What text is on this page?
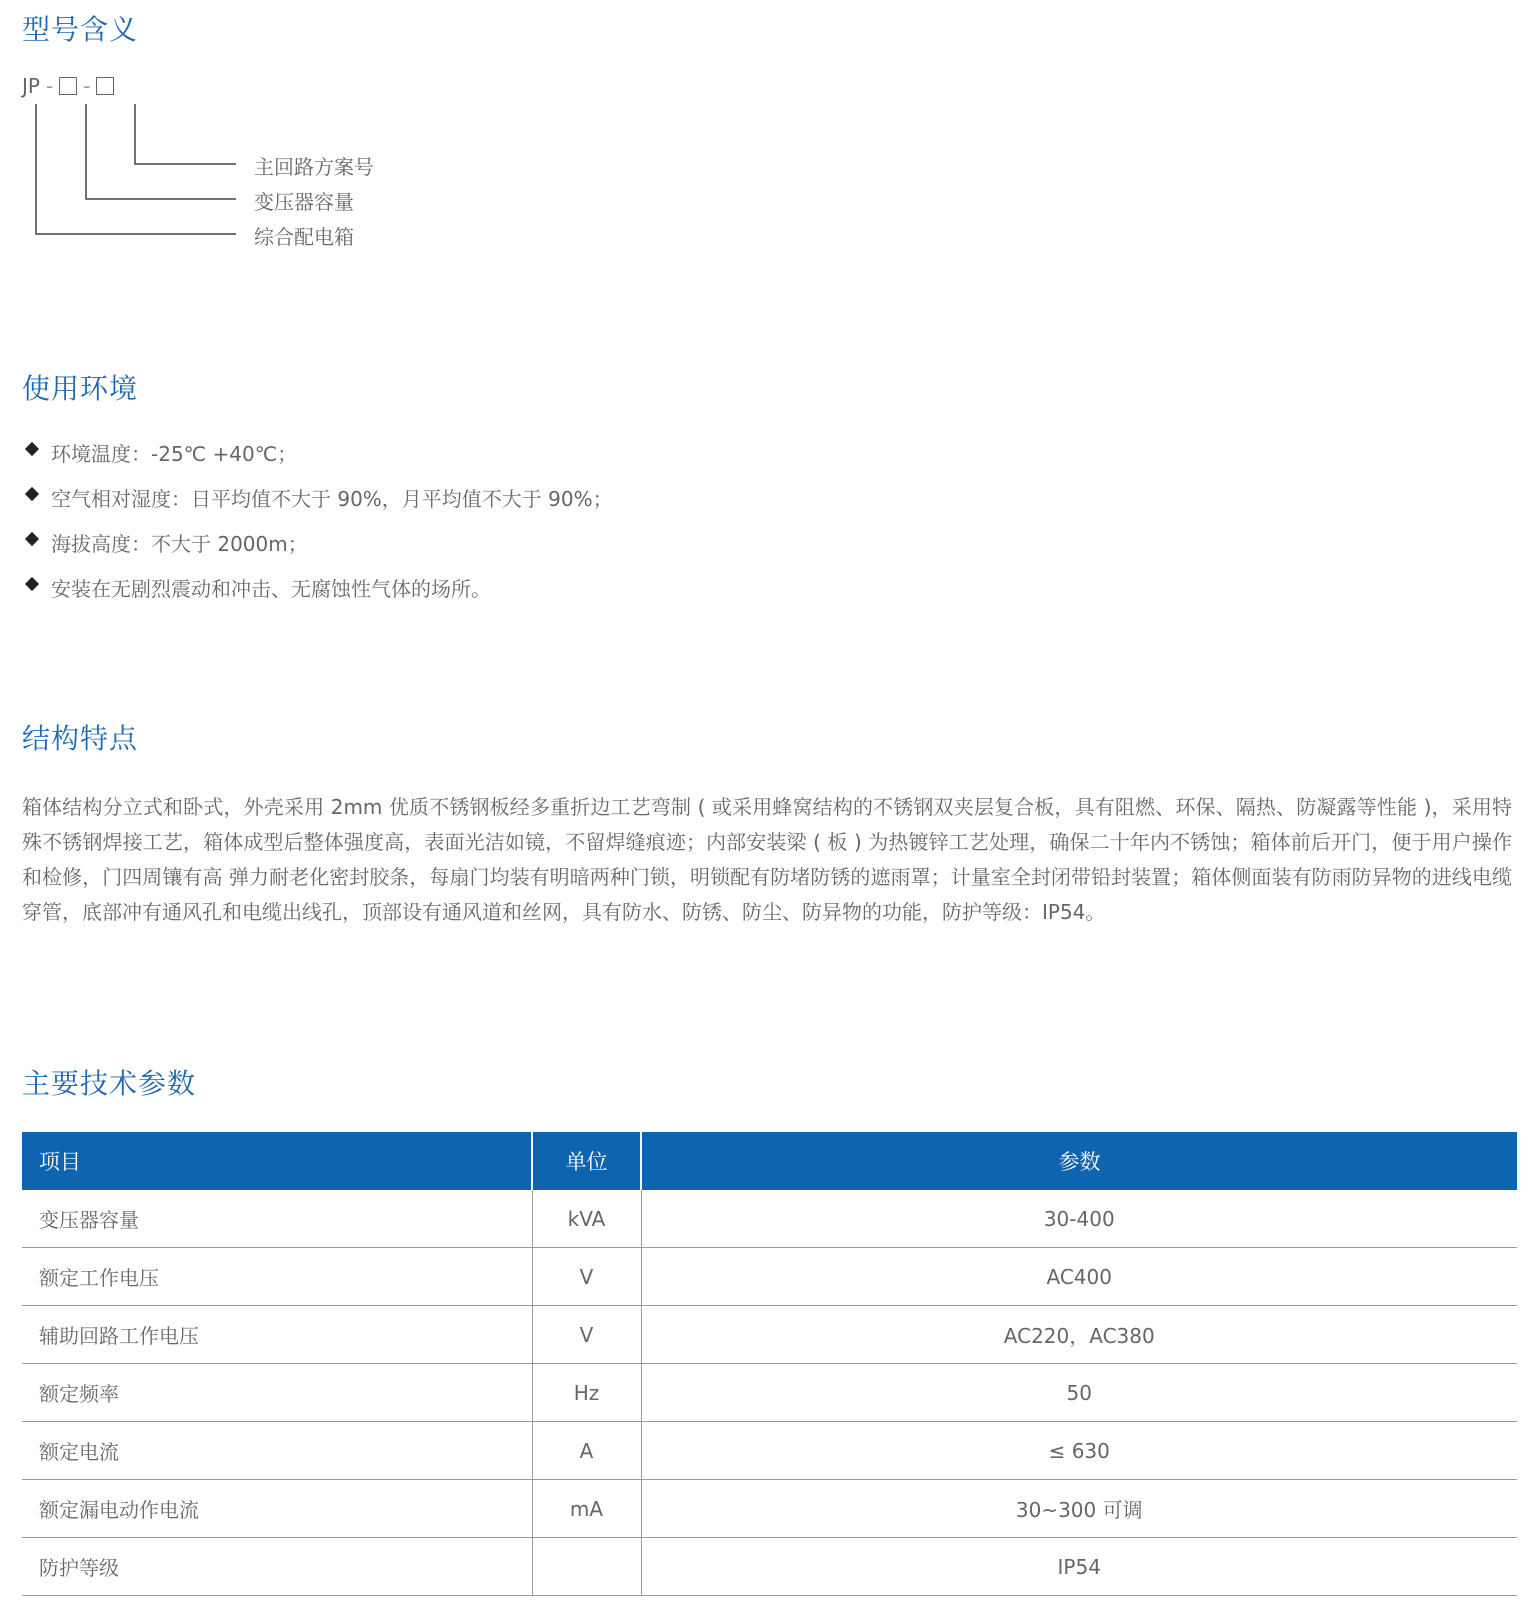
型号含义
JP - -
主回路方案号
变压器容量
综合配电箱
使用环境
环境温度：-25℃ +40℃；
空气相对湿度：日平均值不大于 90%，月平均值不大于 90%；
海拔高度：不大于 2000m；
安装在无剧烈震动和冲击、无腐蚀性气体的场所。
结构特点

箱体结构分立式和卧式，外壳采用 2mm 优质不锈钢板经多重折边工艺弯制 ( 或采用蜂窝结构的不锈钢双夹层复合板，具有阻燃、环保、隔热、防凝露等性能 )，采用特殊不锈钢焊接工艺，箱体成型后整体强度高，表面光洁如镜，不留焊缝痕迹；内部安装梁 ( 板 ) 为热镀锌工艺处理，确保二十年内不锈蚀；箱体前后开门，便于用户操作和检修，门四周镶有高 弹力耐老化密封胶条，每扇门均装有明暗两种门锁，明锁配有防堵防锈的遮雨罩；计量室全封闭带铅封装置；箱体侧面装有防雨防异物的进线电缆穿管，底部冲有通风孔和电缆出线孔，顶部设有通风道和丝网，具有防水、防锈、防尘、防异物的功能，防护等级：IP54。

主要技术参数
项目	单位	参数
变压器容量	kVA	30-400
额定工作电压	V	AC400
辅助回路工作电压	V	AC220，AC380
额定频率	Hz	50
额定电流	A	≤ 630
额定漏电动作电流	mA	30~300 可调
防护等级		IP54
